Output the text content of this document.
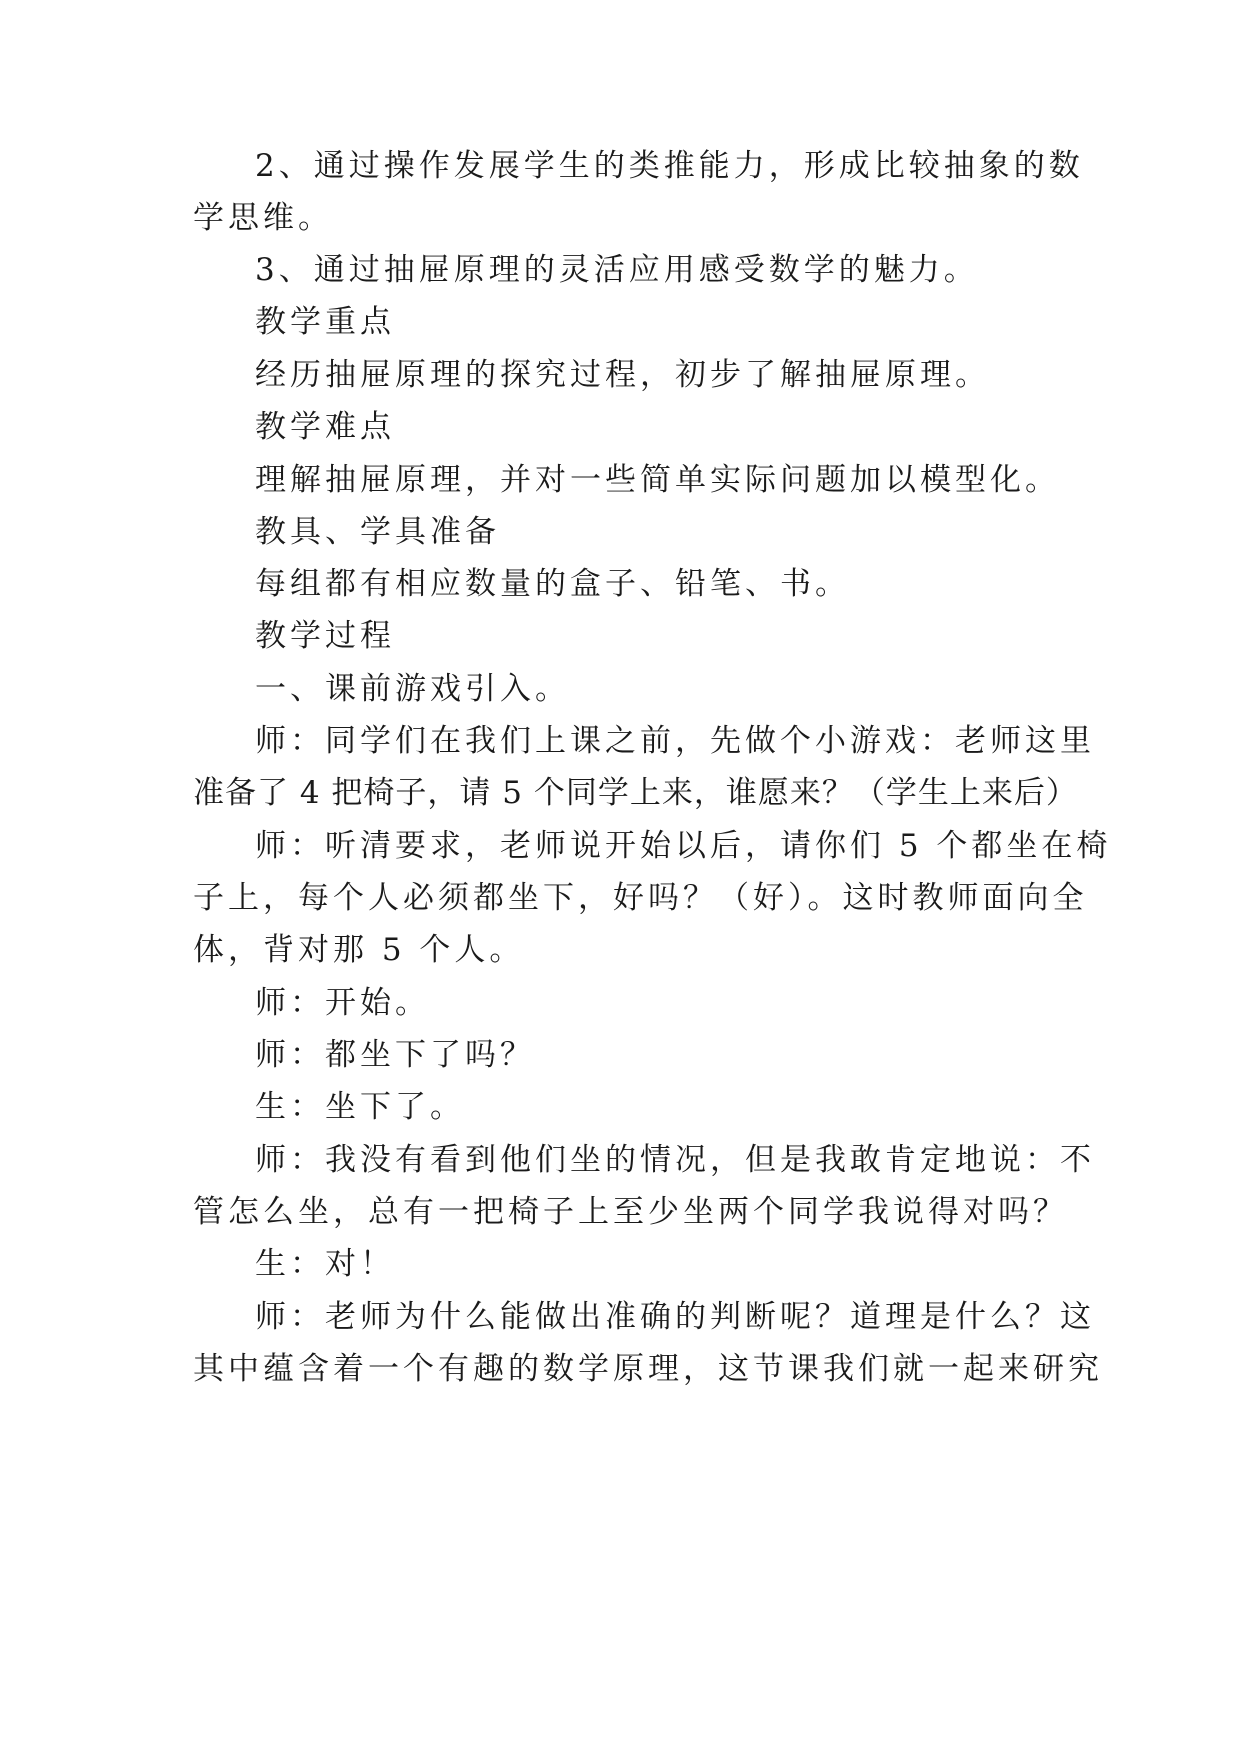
2、通过操作发展学生的类推能力，形成比较抽象的数
学思维。
3、通过抽屉原理的灵活应用感受数学的魅力。
教学重点
经历抽屉原理的探究过程，初步了解抽屉原理。
教学难点
理解抽屉原理，并对一些简单实际问题加以模型化。
教具、学具准备
每组都有相应数量的盒子、铅笔、书。
教学过程
一、课前游戏引入。
师：同学们在我们上课之前，先做个小游戏：老师这里
准备了 4 把椅子，请 5 个同学上来，谁愿来？（学生上来后）
师：听清要求，老师说开始以后，请你们 5 个都坐在椅
子上，每个人必须都坐下，好吗？（好）。这时教师面向全
体，背对那 5 个人。
师：开始。
师：都坐下了吗？
生：坐下了。
师：我没有看到他们坐的情况，但是我敢肯定地说：不
管怎么坐，总有一把椅子上至少坐两个同学我说得对吗？
生：对！
师：老师为什么能做出准确的判断呢？道理是什么？这
其中蕴含着一个有趣的数学原理，这节课我们就一起来研究
